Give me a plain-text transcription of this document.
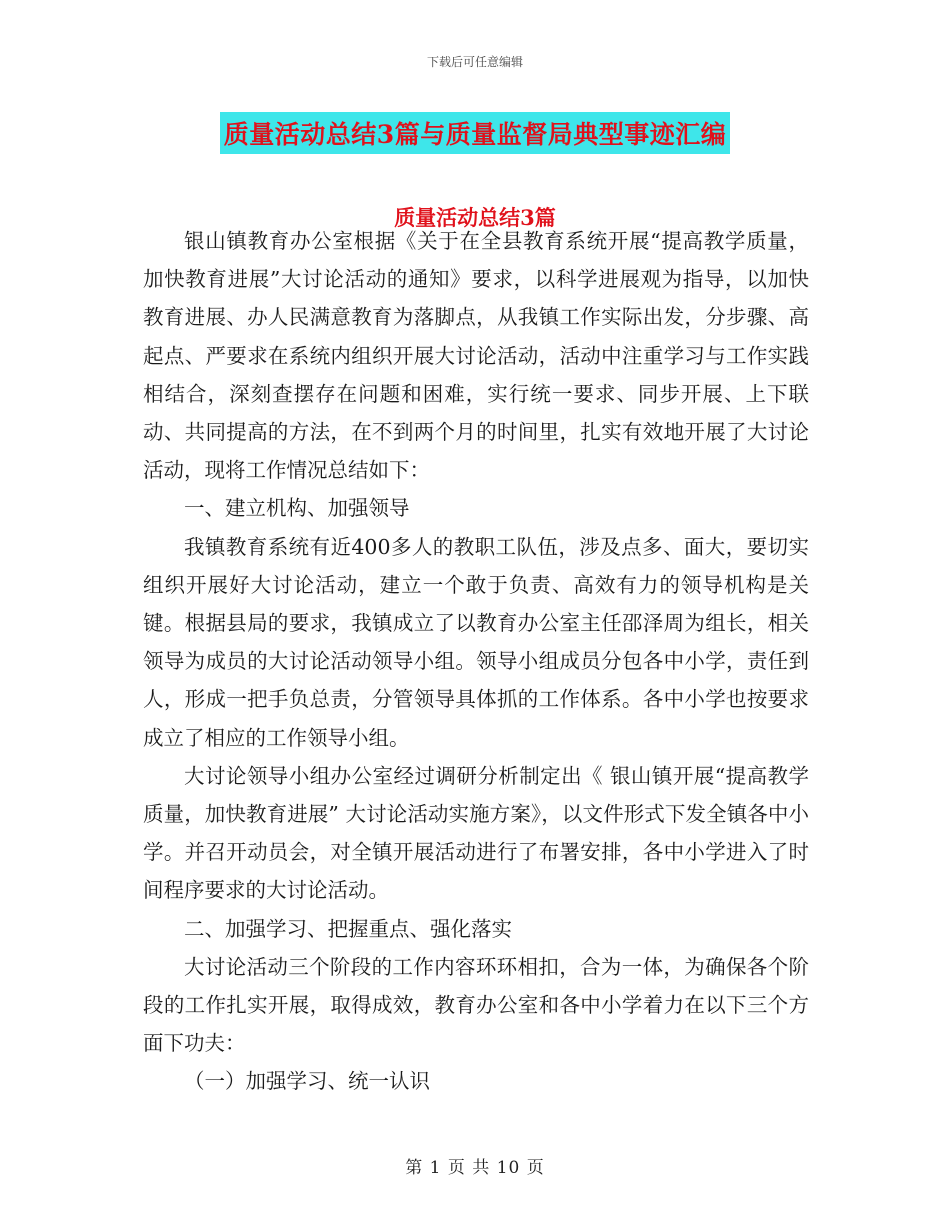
下载后可任意编辑
质量活动总结3篇与质量监督局典型事迹汇编
质量活动总结3篇

银山镇教育办公室根据《关于在全县教育系统开展“提高教学质量，加快教育进展”大讨论活动的通知》要求，以科学进展观为指导，以加快教育进展、办人民满意教育为落脚点，从我镇工作实际出发，分步骤、高起点、严要求在系统内组织开展大讨论活动，活动中注重学习与工作实践相结合，深刻查摆存在问题和困难，实行统一要求、同步开展、上下联动、共同提高的方法，在不到两个月的时间里，扎实有效地开展了大讨论活动，现将工作情况总结如下：

一、建立机构、加强领导

我镇教育系统有近400多人的教职工队伍，涉及点多、面大，要切实组织开展好大讨论活动，建立一个敢于负责、高效有力的领导机构是关键。根据县局的要求，我镇成立了以教育办公室主任邵泽周为组长，相关领导为成员的大讨论活动领导小组。领导小组成员分包各中小学，责任到人，形成一把手负总责，分管领导具体抓的工作体系。各中小学也按要求成立了相应的工作领导小组。

大讨论领导小组办公室经过调研分析制定出《 银山镇开展“提高教学质量，加快教育进展” 大讨论活动实施方案》，以文件形式下发全镇各中小学。并召开动员会，对全镇开展活动进行了布署安排，各中小学进入了时间程序要求的大讨论活动。

二、加强学习、把握重点、强化落实

大讨论活动三个阶段的工作内容环环相扣，合为一体，为确保各个阶段的工作扎实开展，取得成效，教育办公室和各中小学着力在以下三个方面下功夫：

（一）加强学习、统一认识

第 1 页 共 10 页
